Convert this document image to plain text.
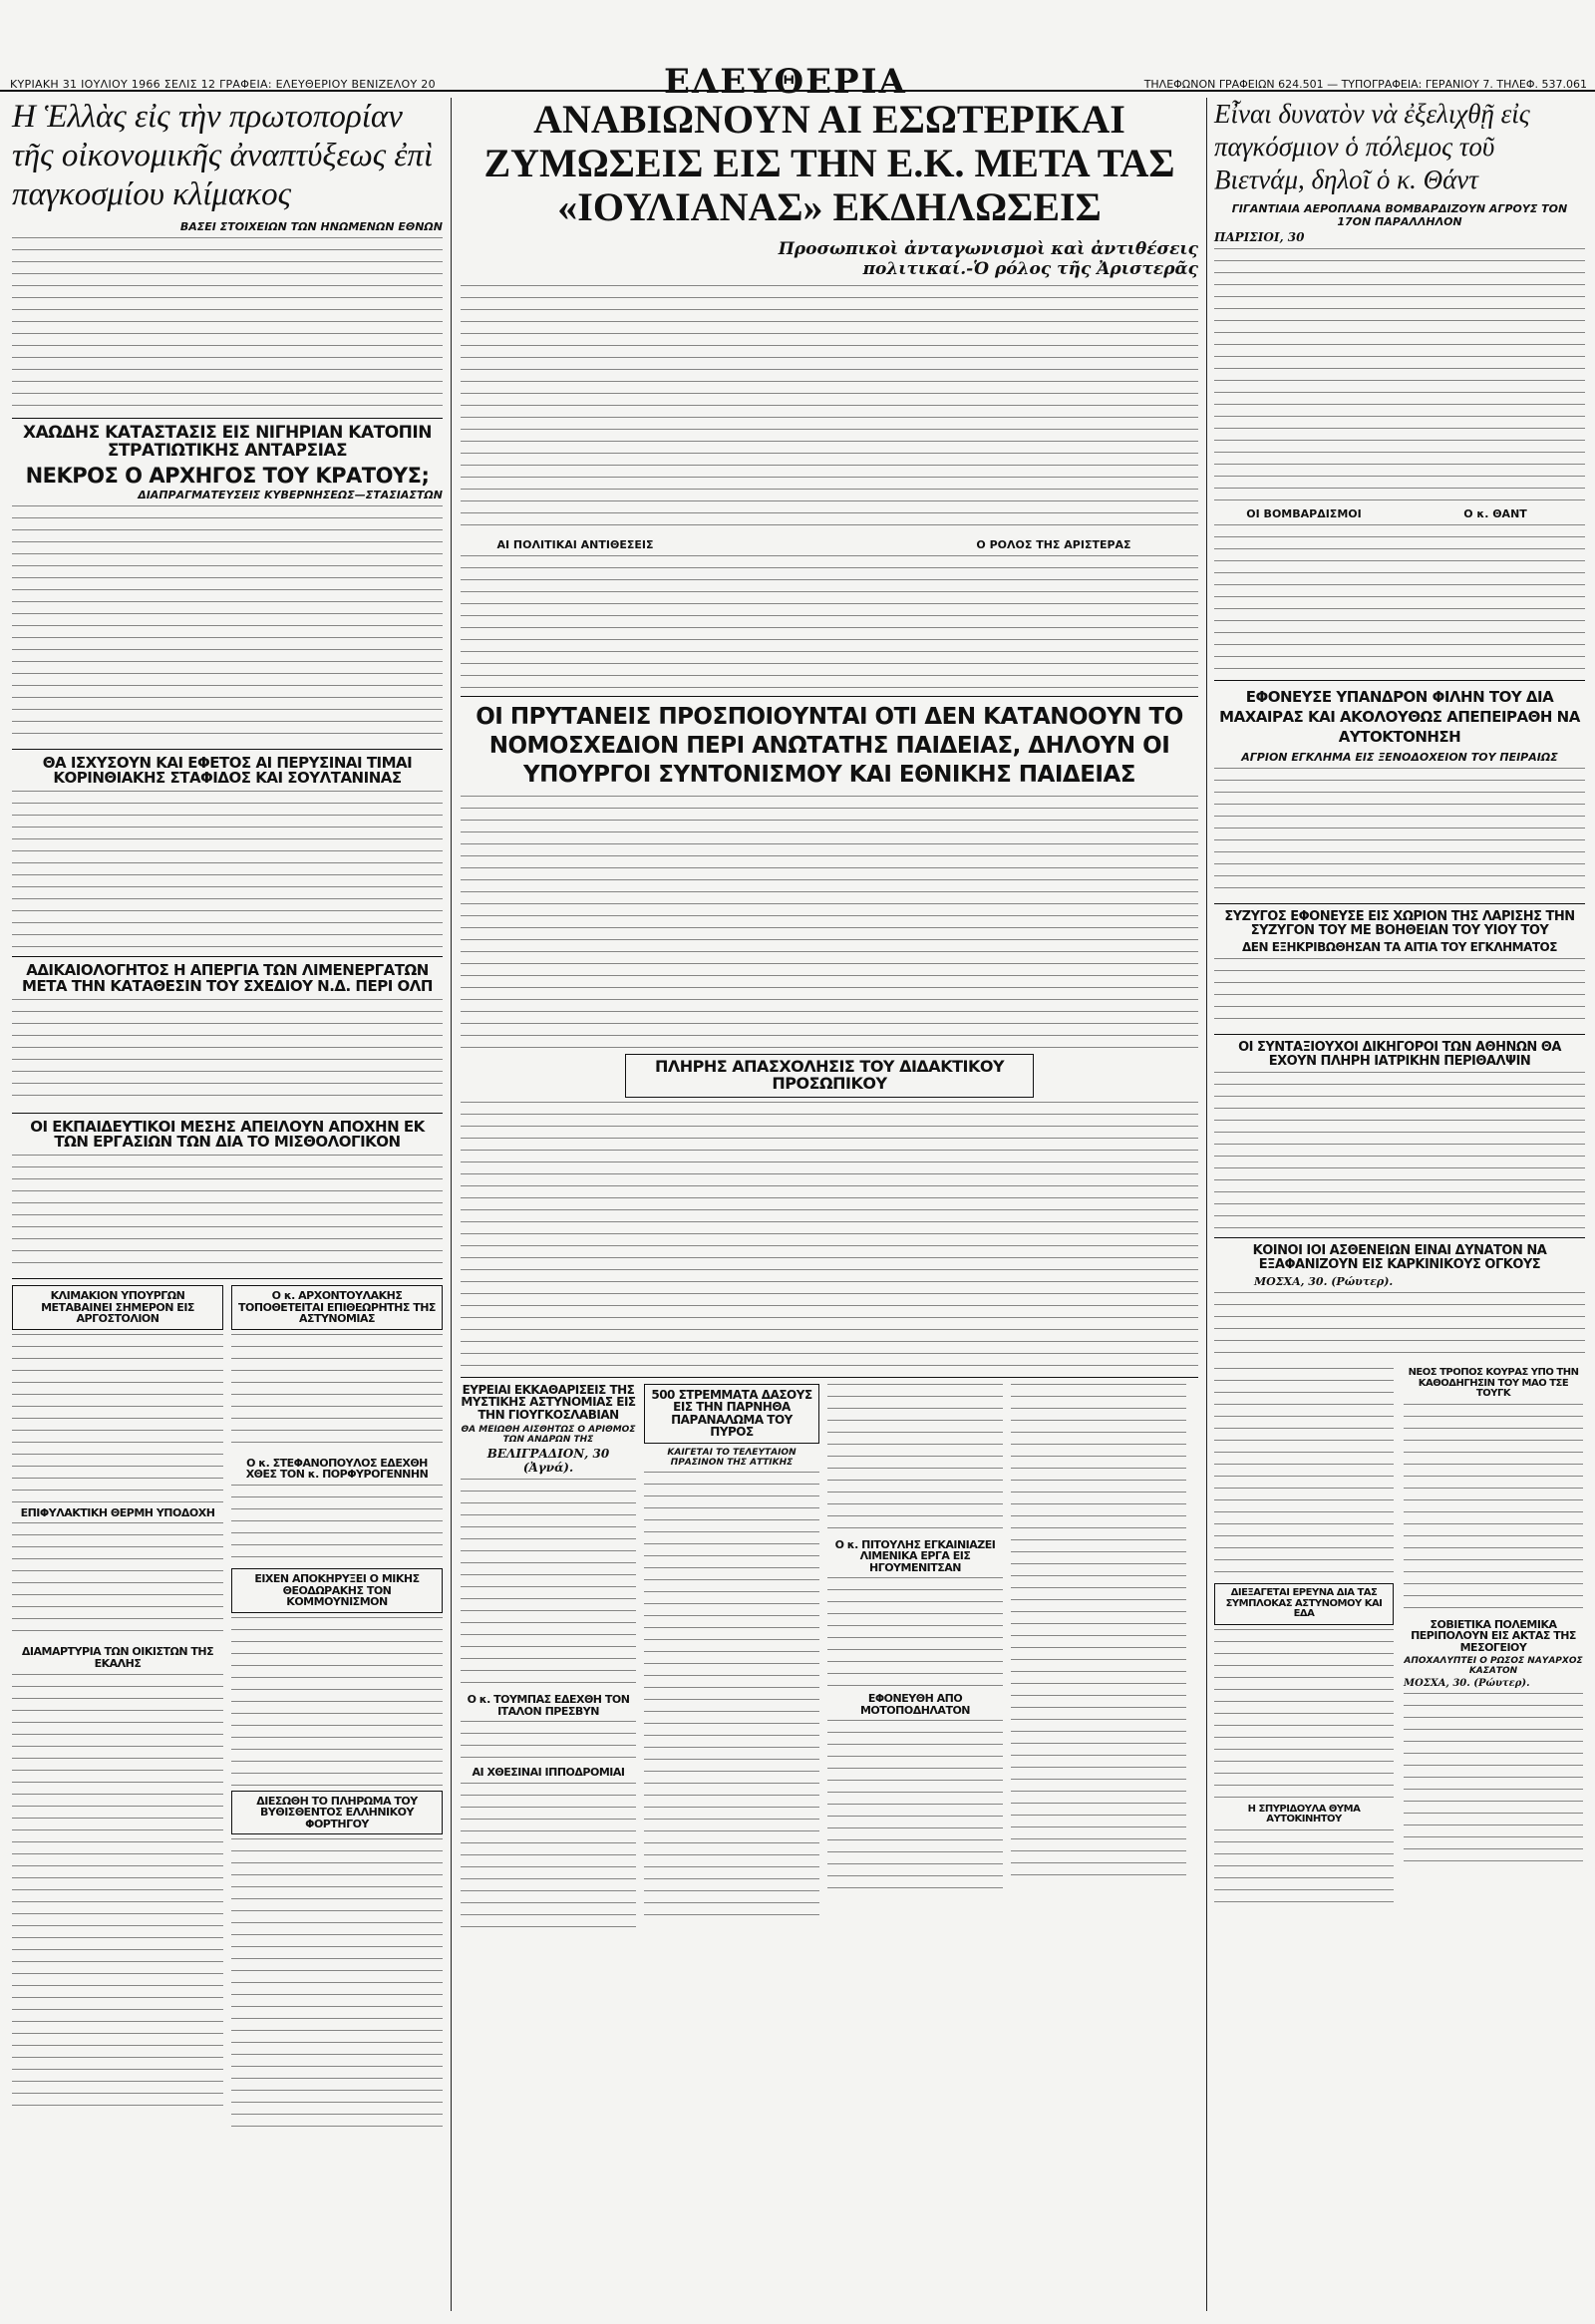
ΚΥΡΙΑΚΗ 31 ΙΟΥΛΙΟΥ 1966 ΣΕΛΙΣ 12 ΓΡΑΦΕΙΑ: ΕΛΕΥΘΕΡΙΟΥ ΒΕΝΙΖΕΛΟΥ 20	ΕΛΕΥΘΕΡΙΑ	ΤΗΛΕΦΩΝΟΝ ΓΡΑΦΕΙΩΝ 624.501 — ΤΥΠΟΓΡΑΦΕΙΑ: ΓΕΡΑΝΙΟΥ 7. ΤΗΛΕΦ. 537.061
Η Ἑλλὰς εἰς τὴν πρωτοπορίαν τῆς οἰκονομικῆς ἀναπτύξεως ἐπὶ παγκοσμίου κλίμακος
ΒΑΣΕΙ ΣΤΟΙΧΕΙΩΝ ΤΩΝ ΗΝΩΜΕΝΩΝ ΕΘΝΩΝ
ΧΑΩΔΗΣ ΚΑΤΑΣΤΑΣΙΣ ΕΙΣ ΝΙΓΗΡΙΑΝ ΚΑΤΟΠΙΝ ΣΤΡΑΤΙΩΤΙΚΗΣ ΑΝΤΑΡΣΙΑΣ
ΝΕΚΡΟΣ Ο ΑΡΧΗΓΟΣ ΤΟΥ ΚΡΑΤΟΥΣ;
ΔΙΑΠΡΑΓΜΑΤΕΥΣΕΙΣ ΚΥΒΕΡΝΗΣΕΩΣ—ΣΤΑΣΙΑΣΤΩΝ
ΘΑ ΙΣΧΥΣΟΥΝ ΚΑΙ ΕΦΕΤΟΣ ΑΙ ΠΕΡΥΣΙΝΑΙ ΤΙΜΑΙ ΚΟΡΙΝΘΙΑΚΗΣ ΣΤΑΦΙΔΟΣ ΚΑΙ ΣΟΥΛΤΑΝΙΝΑΣ
ΑΔΙΚΑΙΟΛΟΓΗΤΟΣ Η ΑΠΕΡΓΙΑ ΤΩΝ ΛΙΜΕΝΕΡΓΑΤΩΝ ΜΕΤΑ ΤΗΝ ΚΑΤΑΘΕΣΙΝ ΤΟΥ ΣΧΕΔΙΟΥ Ν.Δ. ΠΕΡΙ ΟΛΠ
ΟΙ ΕΚΠΑΙΔΕΥΤΙΚΟΙ ΜΕΣΗΣ ΑΠΕΙΛΟΥΝ ΑΠΟΧΗΝ ΕΚ ΤΩΝ ΕΡΓΑΣΙΩΝ ΤΩΝ ΔΙΑ ΤΟ ΜΙΣΘΟΛΟΓΙΚΟΝ
ΚΛΙΜΑΚΙΟΝ ΥΠΟΥΡΓΩΝ ΜΕΤΑΒΑΙΝΕΙ ΣΗΜΕΡΟΝ ΕΙΣ ΑΡΓΟΣΤΟΛΙΟΝ
ΕΠΙΦΥΛΑΚΤΙΚΗ ΘΕΡΜΗ ΥΠΟΔΟΧΗ
ΔΙΑΜΑΡΤΥΡΙΑ ΤΩΝ ΟΙΚΙΣΤΩΝ ΤΗΣ ΕΚΑΛΗΣ
Ο κ. ΑΡΧΟΝΤΟΥΛΑΚΗΣ ΤΟΠΟΘΕΤΕΙΤΑΙ ΕΠΙΘΕΩΡΗΤΗΣ ΤΗΣ ΑΣΤΥΝΟΜΙΑΣ
Ο κ. ΣΤΕΦΑΝΟΠΟΥΛΟΣ ΕΔΕΧΘΗ ΧΘΕΣ ΤΟΝ κ. ΠΟΡΦΥΡΟΓΕΝΝΗΝ
ΕΙΧΕΝ ΑΠΟΚΗΡΥΞΕΙ Ο ΜΙΚΗΣ ΘΕΟΔΩΡΑΚΗΣ ΤΟΝ ΚΟΜΜΟΥΝΙΣΜΟΝ
ΔΙΕΣΩΘΗ ΤΟ ΠΛΗΡΩΜΑ ΤΟΥ ΒΥΘΙΣΘΕΝΤΟΣ ΕΛΛΗΝΙΚΟΥ ΦΟΡΤΗΓΟΥ
ΑΝΑΒΙΩΝΟΥΝ ΑΙ ΕΣΩΤΕΡΙΚΑΙ ΖΥΜΩΣΕΙΣ ΕΙΣ ΤΗΝ Ε.Κ. ΜΕΤΑ ΤΑΣ «ΙΟΥΛΙΑΝΑΣ» ΕΚΔΗΛΩΣΕΙΣ
Προσωπικοὶ ἀνταγωνισμοὶ καὶ ἀντιθέσεις πολιτικαί.-Ὁ ρόλος τῆς Ἀριστερᾶς
ΑΙ ΠΟΛΙΤΙΚΑΙ ΑΝΤΙΘΕΣΕΙΣ	Ο ΡΟΛΟΣ ΤΗΣ ΑΡΙΣΤΕΡΑΣ
ΟΙ ΠΡΥΤΑΝΕΙΣ ΠΡΟΣΠΟΙΟΥΝΤΑΙ ΟΤΙ ΔΕΝ ΚΑΤΑΝΟΟΥΝ ΤΟ ΝΟΜΟΣΧΕΔΙΟΝ ΠΕΡΙ ΑΝΩΤΑΤΗΣ ΠΑΙΔΕΙΑΣ, ΔΗΛΟΥΝ ΟΙ ΥΠΟΥΡΓΟΙ ΣΥΝΤΟΝΙΣΜΟΥ ΚΑΙ ΕΘΝΙΚΗΣ ΠΑΙΔΕΙΑΣ
ΠΛΗΡΗΣ ΑΠΑΣΧΟΛΗΣΙΣ ΤΟΥ ΔΙΔΑΚΤΙΚΟΥ ΠΡΟΣΩΠΙΚΟΥ
ΕΥΡΕΙΑΙ ΕΚΚΑΘΑΡΙΣΕΙΣ ΤΗΣ ΜΥΣΤΙΚΗΣ ΑΣΤΥΝΟΜΙΑΣ ΕΙΣ ΤΗΝ ΓΙΟΥΓΚΟΣΛΑΒΙΑΝ
ΘΑ ΜΕΙΩΘΗ ΑΙΣΘΗΤΩΣ Ο ΑΡΙΘΜΟΣ ΤΩΝ ΑΝΔΡΩΝ ΤΗΣ
ΒΕΛΙΓΡΑΔΙΟΝ, 30 (Ἀγνά).
Ο κ. ΤΟΥΜΠΑΣ ΕΔΕΧΘΗ ΤΟΝ ΙΤΑΛΟΝ ΠΡΕΣΒΥΝ
ΑΙ ΧΘΕΣΙΝΑΙ ΙΠΠΟΔΡΟΜΙΑΙ
500 ΣΤΡΕΜΜΑΤΑ ΔΑΣΟΥΣ ΕΙΣ ΤΗΝ ΠΑΡΝΗΘΑ ΠΑΡΑΝΑΛΩΜΑ ΤΟΥ ΠΥΡΟΣ
ΚΑΙΓΕΤΑΙ ΤΟ ΤΕΛΕΥΤΑΙΟΝ ΠΡΑΣΙΝΟΝ ΤΗΣ ΑΤΤΙΚΗΣ
Ο κ. ΠΙΤΟΥΛΗΣ ΕΓΚΑΙΝΙΑΖΕΙ ΛΙΜΕΝΙΚΑ ΕΡΓΑ ΕΙΣ ΗΓΟΥΜΕΝΙΤΣΑΝ
ΕΦΟΝΕΥΘΗ ΑΠΟ ΜΟΤΟΠΟΔΗΛΑΤΟΝ
Εἶναι δυνατὸν νὰ ἐξελιχθῇ εἰς παγκόσμιον ὁ πόλεμος τοῦ Βιετνάμ, δηλοῖ ὁ κ. Θάντ
ΓΙΓΑΝΤΙΑΙΑ ΑΕΡΟΠΛΑΝΑ ΒΟΜΒΑΡΔΙΖΟΥΝ ΑΓΡΟΥΣ ΤΟΝ 17ΟΝ ΠΑΡΑΛΛΗΛΟΝ
ΠΑΡΙΣΙΟΙ, 30
ΟΙ ΒΟΜΒΑΡΔΙΣΜΟΙ	Ο κ. ΘΑΝΤ
ΕΦΟΝΕΥΣΕ ΥΠΑΝΔΡΟΝ ΦΙΛΗΝ ΤΟΥ ΔΙΑ ΜΑΧΑΙΡΑΣ ΚΑΙ ΑΚΟΛΟΥΘΩΣ ΑΠΕΠΕΙΡΑΘΗ ΝΑ ΑΥΤΟΚΤΟΝΗΣΗ
ΑΓΡΙΟΝ ΕΓΚΛΗΜΑ ΕΙΣ ΞΕΝΟΔΟΧΕΙΟΝ ΤΟΥ ΠΕΙΡΑΙΩΣ
ΣΥΖΥΓΟΣ ΕΦΟΝΕΥΣΕ ΕΙΣ ΧΩΡΙΟΝ ΤΗΣ ΛΑΡΙΣΗΣ ΤΗΝ ΣΥΖΥΓΟΝ ΤΟΥ ΜΕ ΒΟΗΘΕΙΑΝ ΤΟΥ ΥΙΟΥ ΤΟΥ
ΔΕΝ ΕΞΗΚΡΙΒΩΘΗΣΑΝ ΤΑ ΑΙΤΙΑ ΤΟΥ ΕΓΚΛΗΜΑΤΟΣ
ΟΙ ΣΥΝΤΑΞΙΟΥΧΟΙ ΔΙΚΗΓΟΡΟΙ ΤΩΝ ΑΘΗΝΩΝ ΘΑ ΕΧΟΥΝ ΠΛΗΡΗ ΙΑΤΡΙΚΗΝ ΠΕΡΙΘΑΛΨΙΝ
ΚΟΙΝΟΙ ΙΟΙ ΑΣΘΕΝΕΙΩΝ ΕΙΝΑΙ ΔΥΝΑΤΟΝ ΝΑ ΕΞΑΦΑΝΙΖΟΥΝ ΕΙΣ ΚΑΡΚΙΝΙΚΟΥΣ ΟΓΚΟΥΣ
ΜΟΣΧΑ, 30. (Ρώυτερ).
ΔΙΕΞΑΓΕΤΑΙ ΕΡΕΥΝΑ ΔΙΑ ΤΑΣ ΣΥΜΠΛΟΚΑΣ ΑΣΤΥΝΟΜΟΥ ΚΑΙ ΕΔΑ
Η ΣΠΥΡΙΔΟΥΛΑ ΘΥΜΑ ΑΥΤΟΚΙΝΗΤΟΥ
ΝΕΟΣ ΤΡΟΠΟΣ ΚΟΥΡΑΣ ΥΠΟ ΤΗΝ ΚΑΘΟΔΗΓΗΣΙΝ ΤΟΥ ΜΑΟ ΤΣΕ ΤΟΥΓΚ
ΣΟΒΙΕΤΙΚΑ ΠΟΛΕΜΙΚΑ ΠΕΡΙΠΟΛΟΥΝ ΕΙΣ ΑΚΤΑΣ ΤΗΣ ΜΕΣΟΓΕΙΟΥ
ΑΠΟΧΑΛΥΠΤΕΙ Ο ΡΩΣΟΣ ΝΑΥΑΡΧΟΣ ΚΑΣΑΤΟΝ
ΜΟΣΧΑ, 30. (Ρώυτερ).
